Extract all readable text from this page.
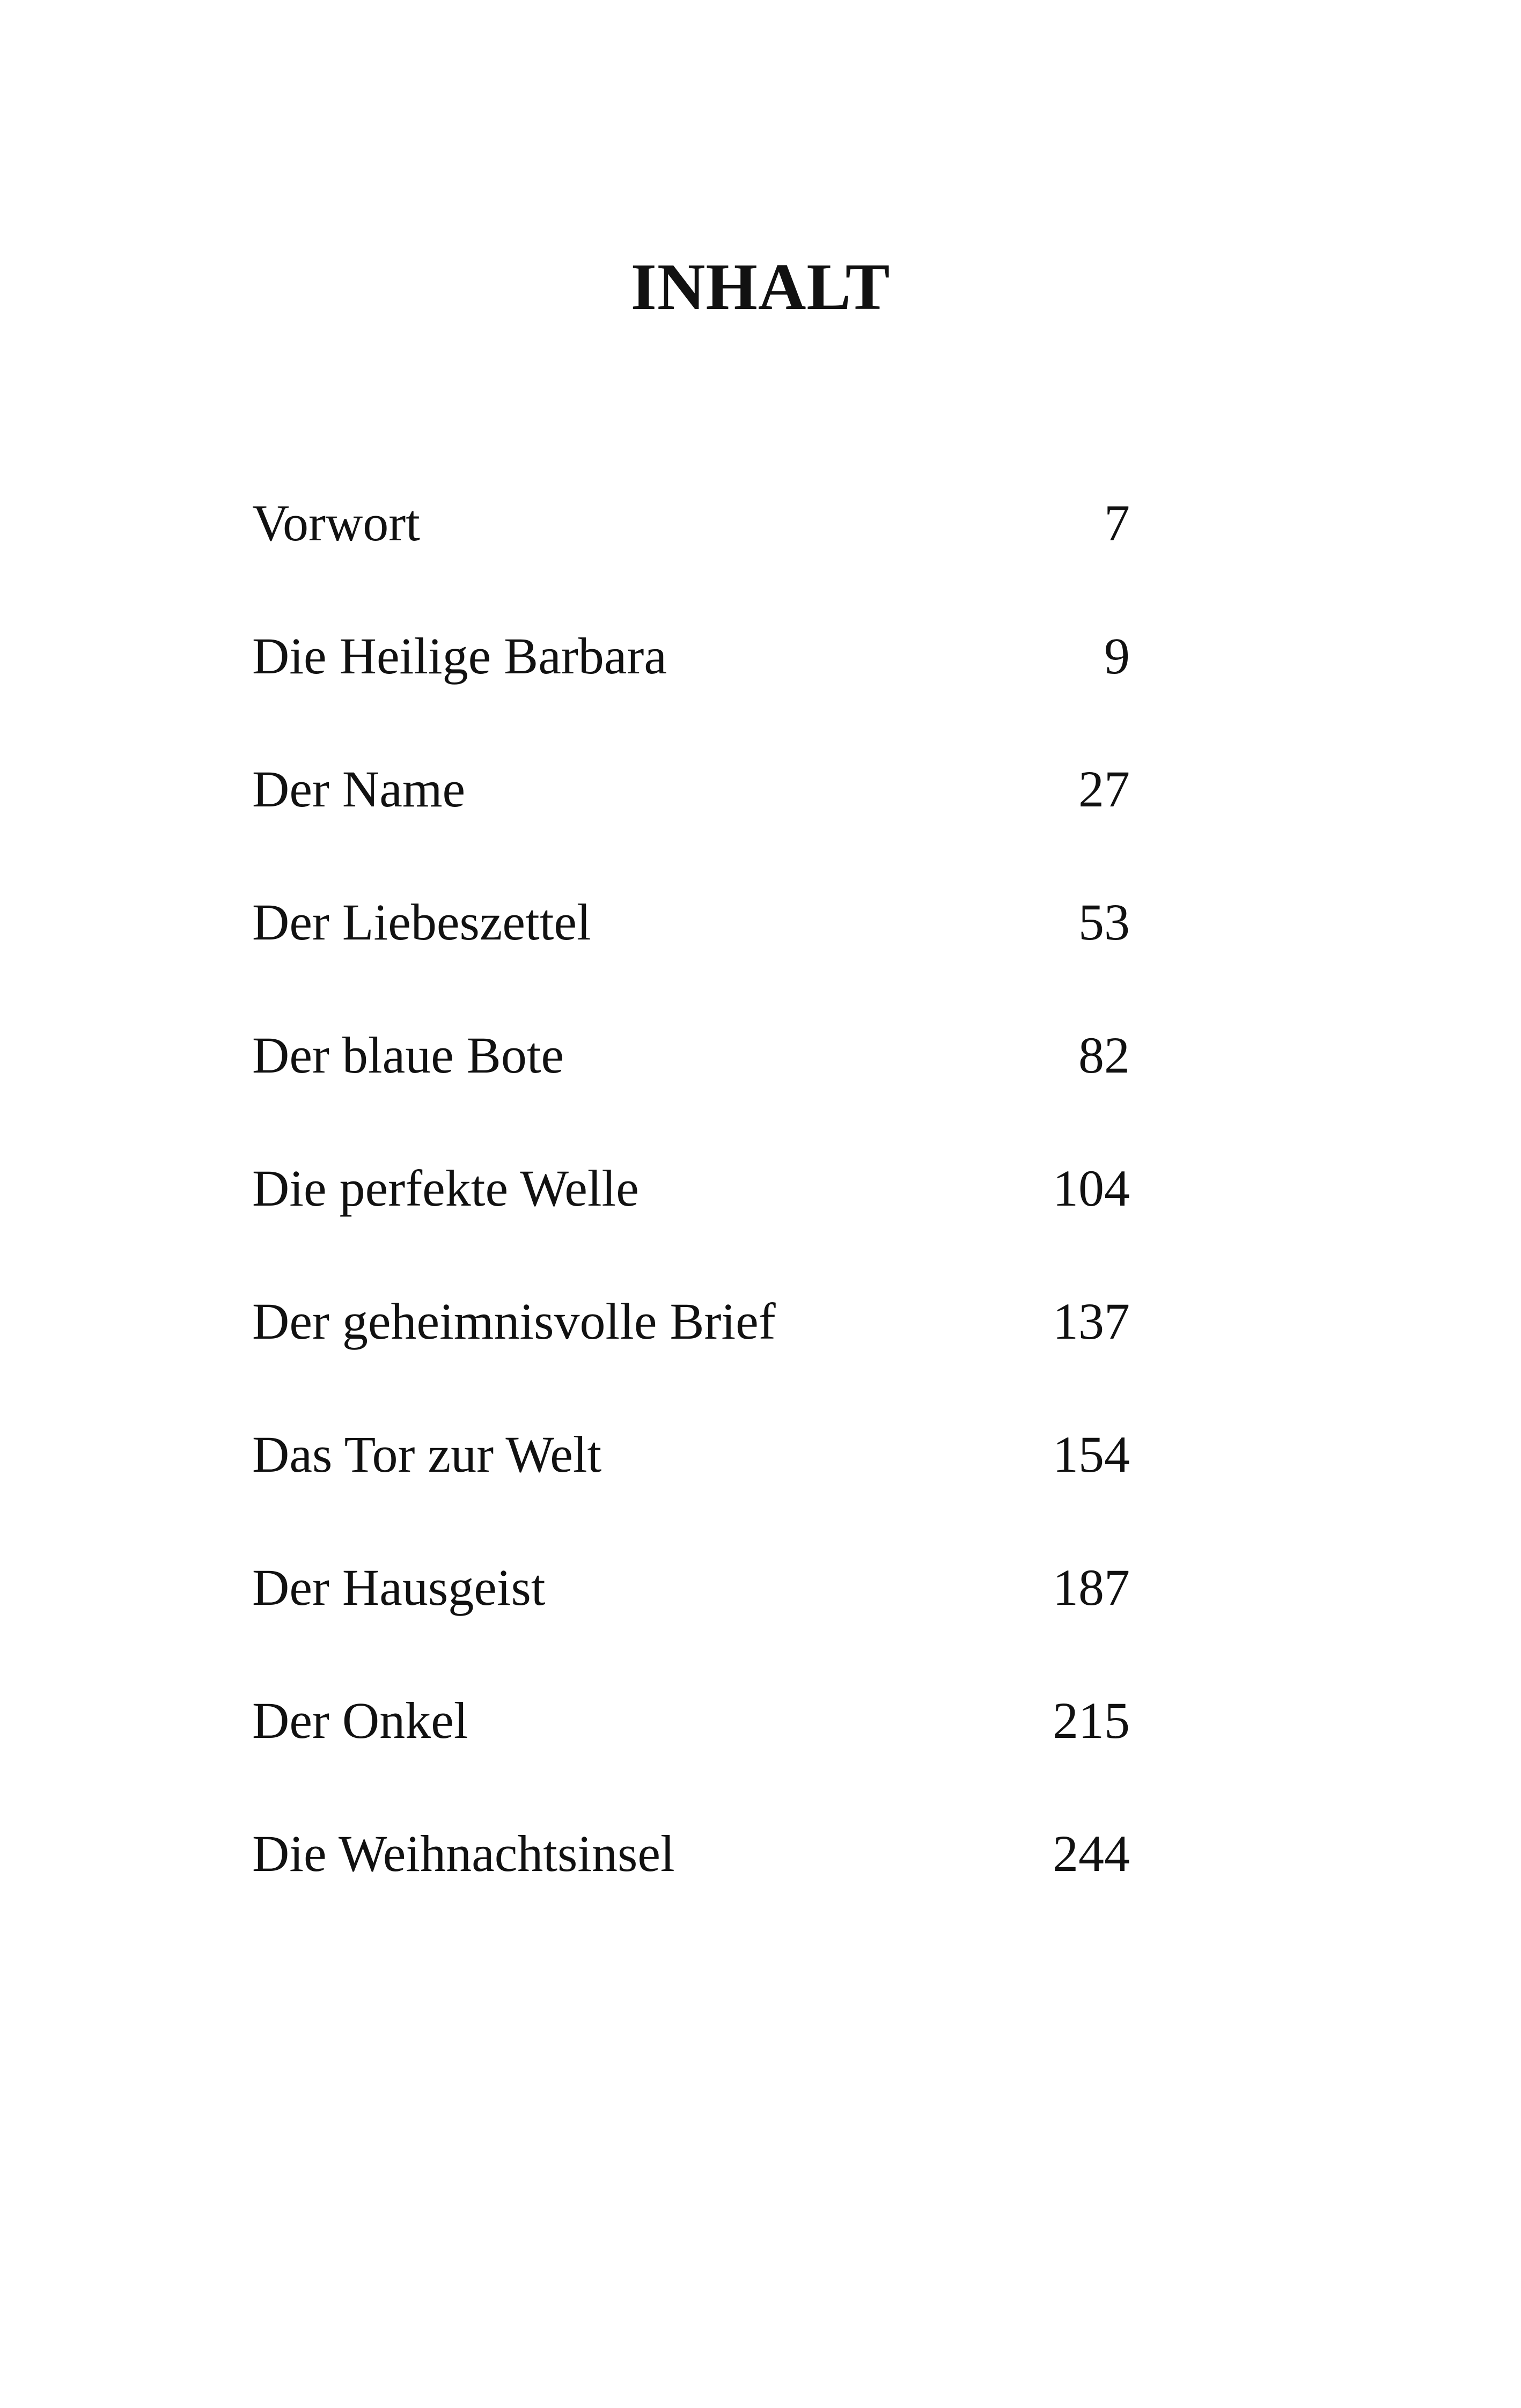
INHALT
Vorwort	7
Die Heilige Barbara	9
Der Name	27
Der Liebeszettel	53
Der blaue Bote	82
Die perfekte Welle	104
Der geheimnisvolle Brief	137
Das Tor zur Welt	154
Der Hausgeist	187
Der Onkel	215
Die Weihnachtsinsel	244
